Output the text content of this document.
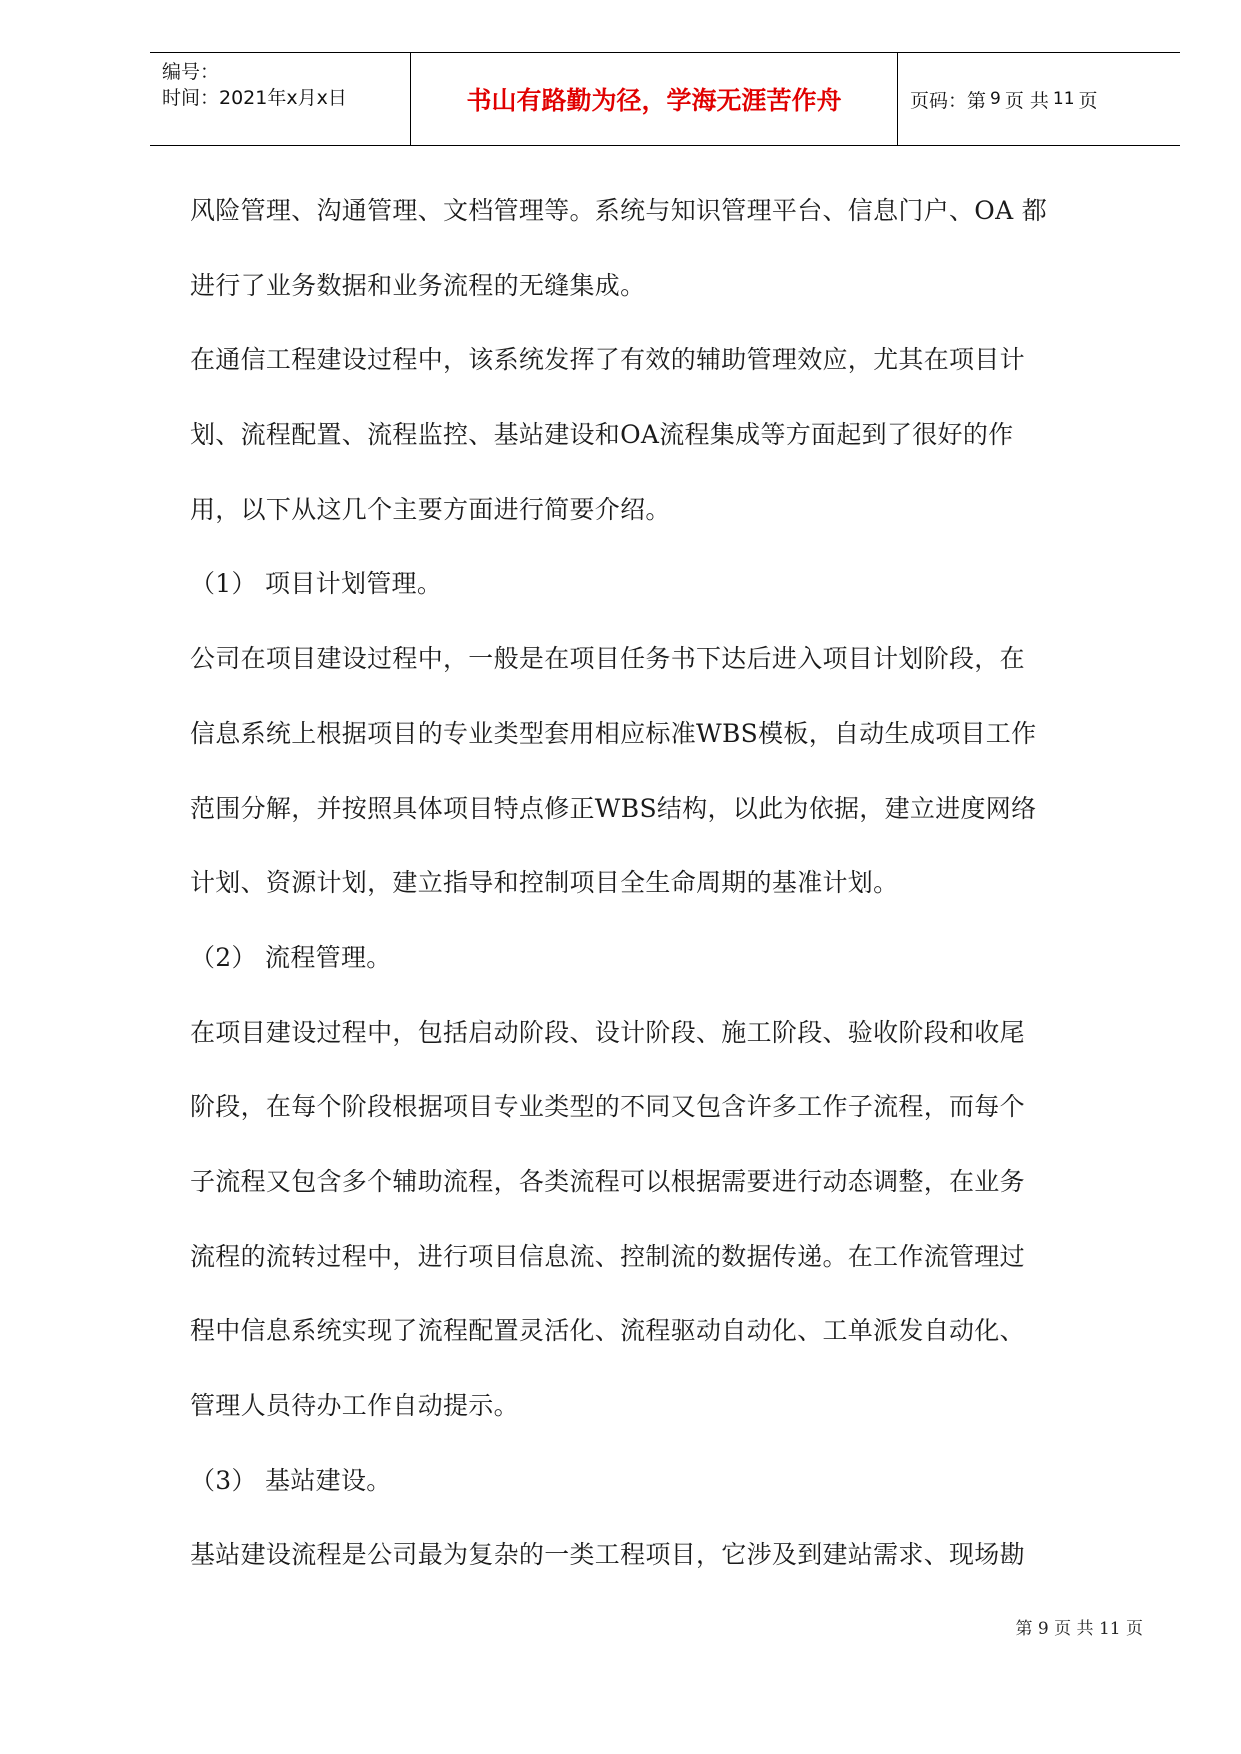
编号：
时间：2021年x月x日	书山有路勤为径，学海无涯苦作舟	页码：第 9 页 共 11 页
风险管理、沟通管理、文档管理等。系统与知识管理平台、信息门户、OA 都
进行了业务数据和业务流程的无缝集成。
在通信工程建设过程中，该系统发挥了有效的辅助管理效应，尤其在项目计
划、流程配置、流程监控、基站建设和OA流程集成等方面起到了很好的作
用，以下从这几个主要方面进行简要介绍。
（1） 项目计划管理。
公司在项目建设过程中，一般是在项目任务书下达后进入项目计划阶段，在
信息系统上根据项目的专业类型套用相应标准WBS模板，自动生成项目工作
范围分解，并按照具体项目特点修正WBS结构，以此为依据，建立进度网络
计划、资源计划，建立指导和控制项目全生命周期的基准计划。
（2） 流程管理。
在项目建设过程中，包括启动阶段、设计阶段、施工阶段、验收阶段和收尾
阶段，在每个阶段根据项目专业类型的不同又包含许多工作子流程，而每个
子流程又包含多个辅助流程，各类流程可以根据需要进行动态调整，在业务
流程的流转过程中，进行项目信息流、控制流的数据传递。在工作流管理过
程中信息系统实现了流程配置灵活化、流程驱动自动化、工单派发自动化、
管理人员待办工作自动提示。
（3） 基站建设。
基站建设流程是公司最为复杂的一类工程项目，它涉及到建站需求、现场勘
第 9 页 共 11 页
